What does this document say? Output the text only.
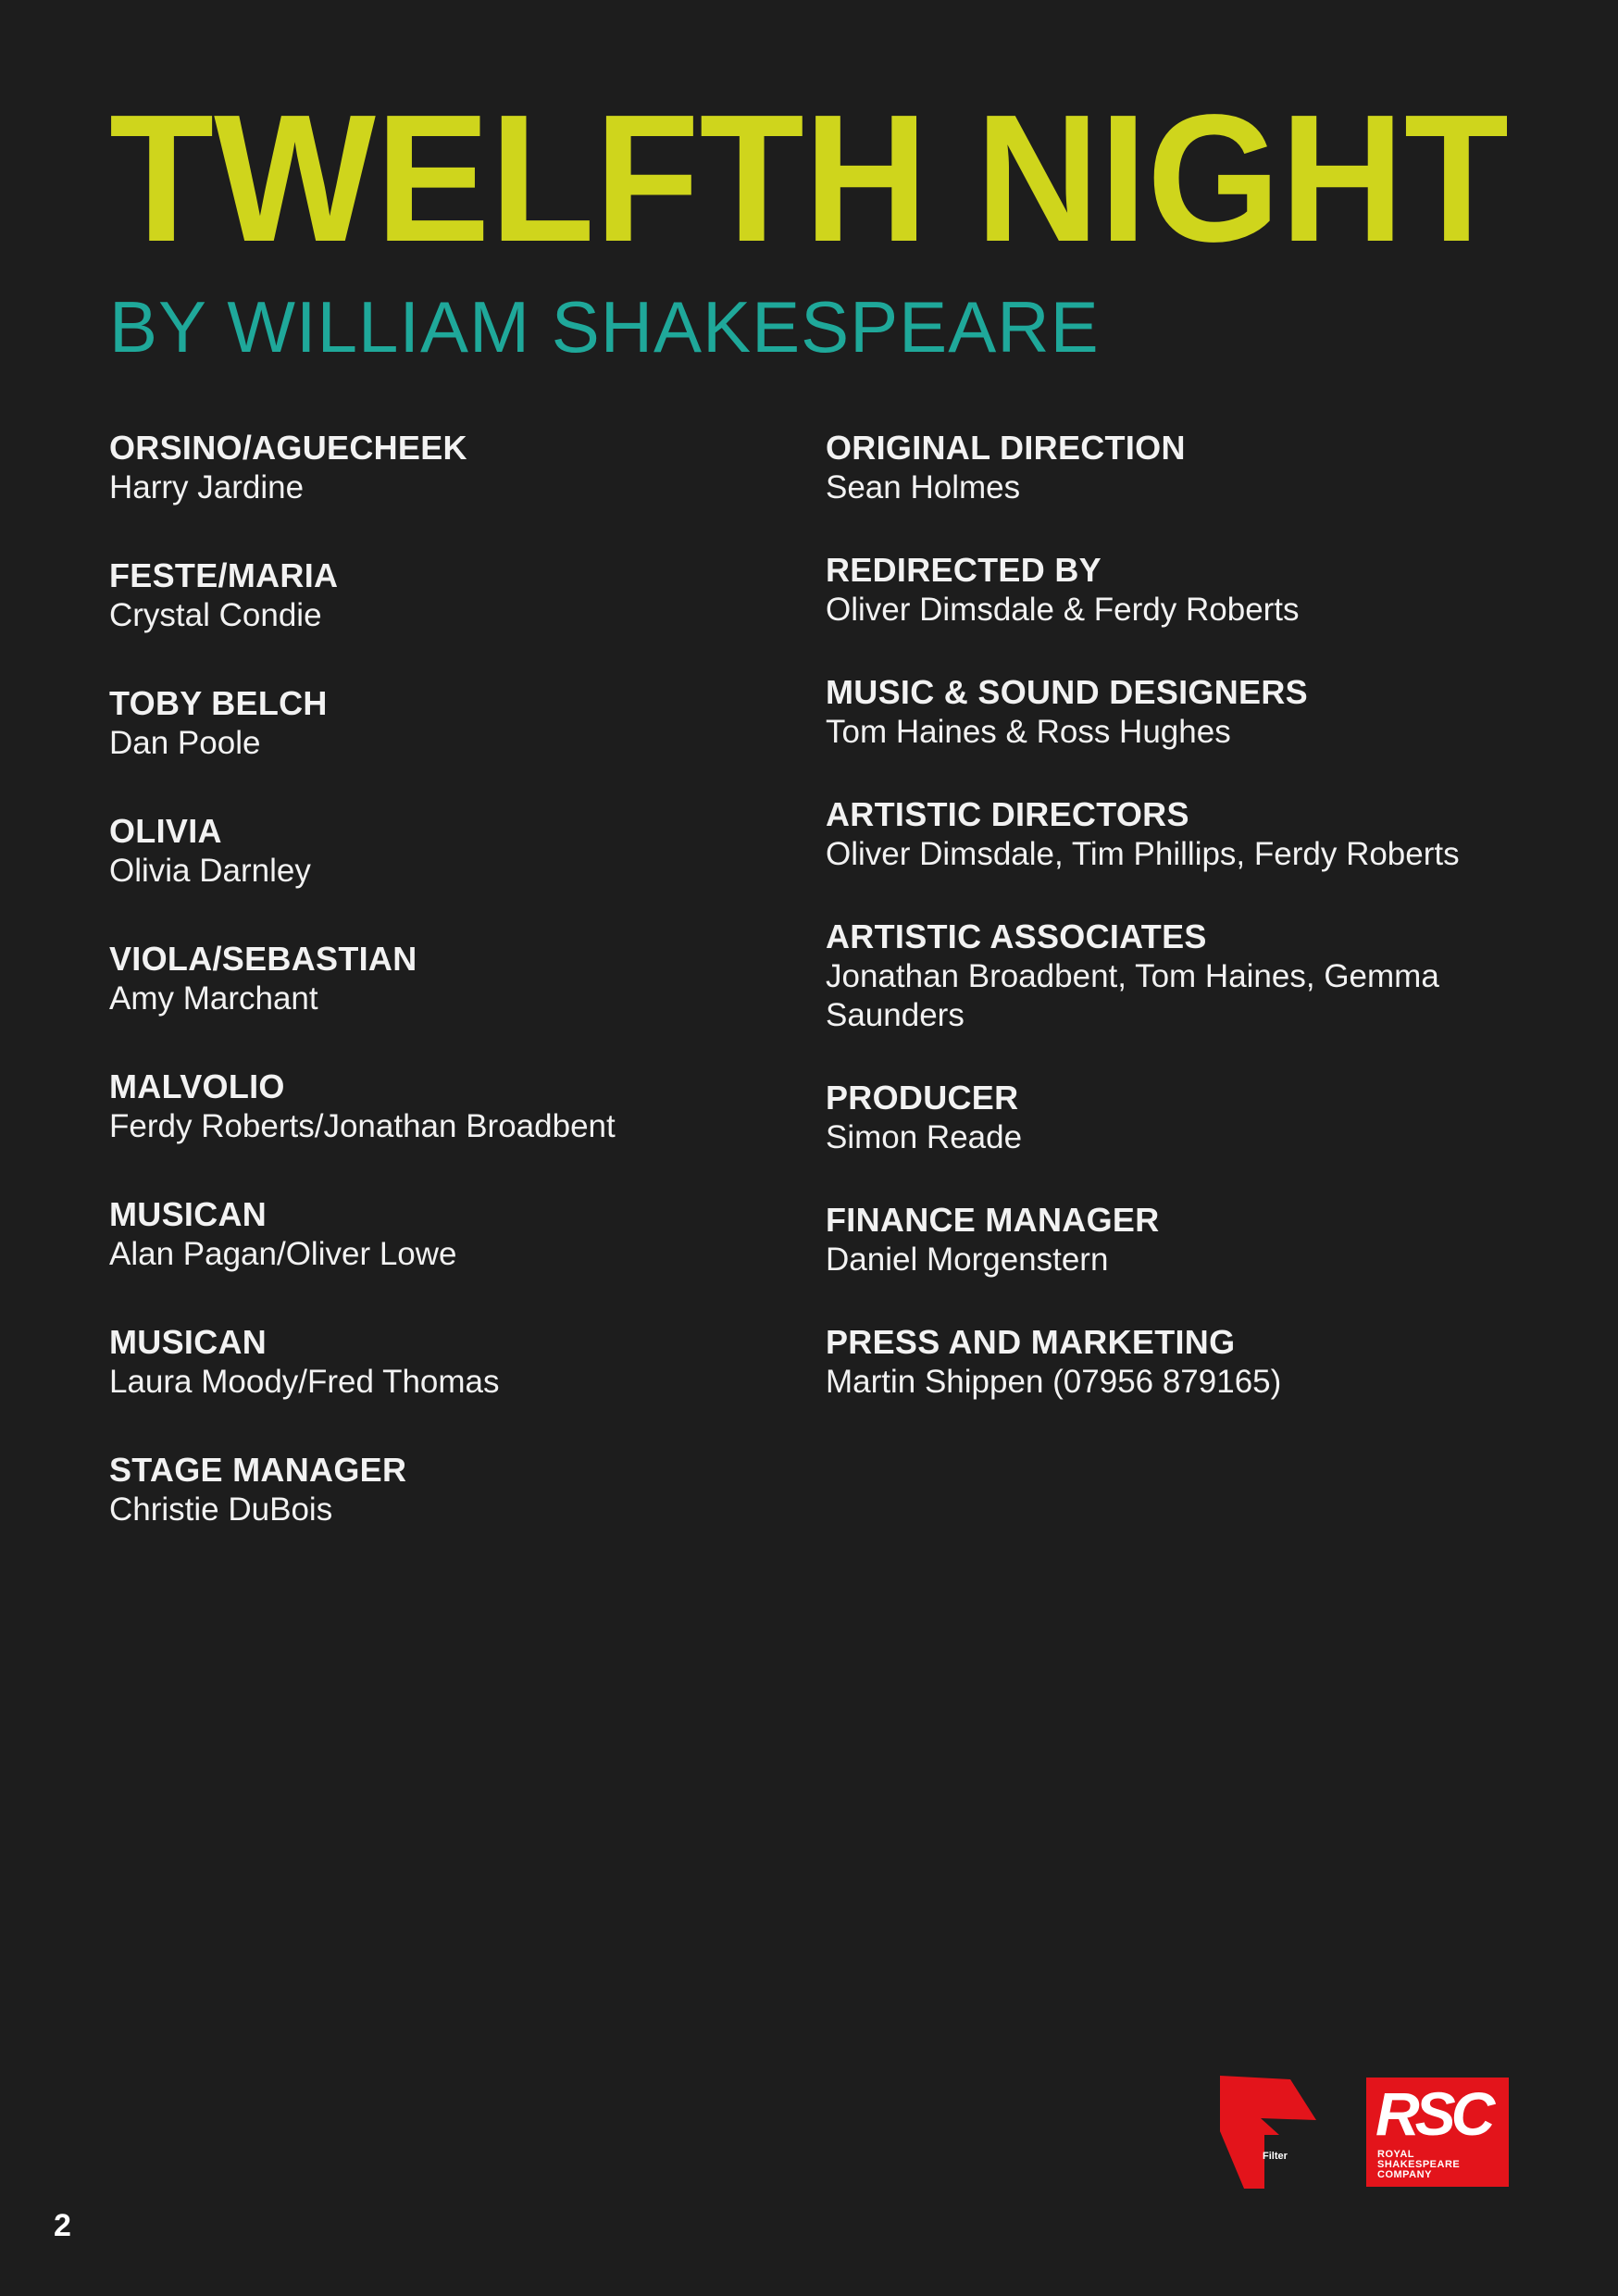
TWELFTH NIGHT
BY WILLIAM SHAKESPEARE
ORSINO/AGUECHEEK
Harry Jardine
FESTE/MARIA
Crystal Condie
TOBY BELCH
Dan Poole
OLIVIA
Olivia Darnley
VIOLA/SEBASTIAN
Amy Marchant
MALVOLIO
Ferdy Roberts/Jonathan Broadbent
MUSICAN
Alan Pagan/Oliver Lowe
MUSICAN
Laura Moody/Fred Thomas
STAGE MANAGER
Christie DuBois
ORIGINAL DIRECTION
Sean Holmes
REDIRECTED BY
Oliver Dimsdale & Ferdy Roberts
MUSIC & SOUND DESIGNERS
Tom Haines & Ross Hughes
ARTISTIC DIRECTORS
Oliver Dimsdale, Tim Phillips, Ferdy Roberts
ARTISTIC ASSOCIATES
Jonathan Broadbent, Tom Haines, Gemma Saunders
PRODUCER
Simon Reade
FINANCE MANAGER
Daniel Morgenstern
PRESS AND MARKETING
Martin Shippen (07956 879165)
Filter
RSC
ROYAL
SHAKESPEARE
COMPANY
2
